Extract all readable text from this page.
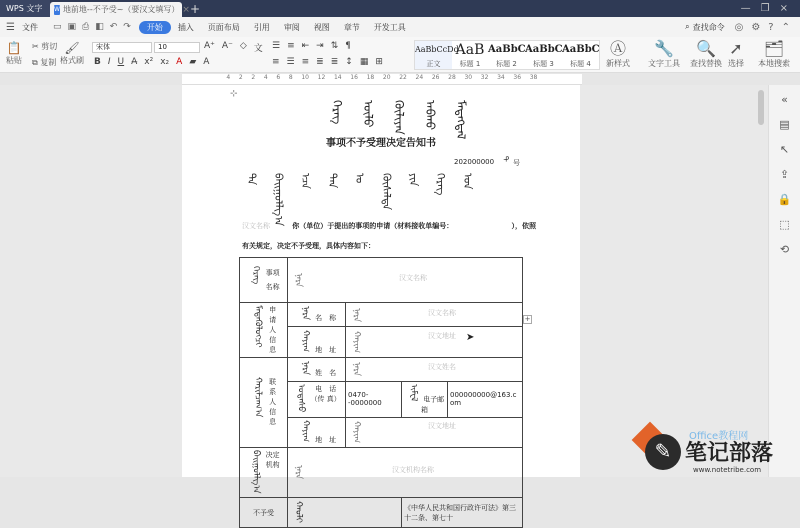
WPS 文字	W 地前地--不予受~（要汉文填写） × +	— ❐ ×
☰ 文件	▭ ▣ ⎙ ◧ ↶ ↷	开始	插入	页面布局	引用	审阅	视图	章节	开发工具	⌕ 查找命令 ◎ ⚙ ? ⌃
📋
粘贴
✂ 剪切
⧉ 复制
🖌
格式刷
宋体	10	A⁺ A⁻ ◇ 文
B I U A̶ x² x₂ A ▰ A
☰ ≡ ⇤ ⇥ ⇅ ¶
≡ ☰ ≡ ≣ ≣ ↕ ▦ ⊞
AaBbCcDd
正文
AaB
标题 1
AaBbC
标题 2
AaBbC
标题 3
AaBbC
标题 4
Ⓐ
新样式
🔧
文字工具
🔍
查找替换
➚
选择
🗂
本地搜索
4 2 2 4 6 8 10 12 14 16 18 20 22 24 26 28 30 32 34 36 38
⊹
ᠬᠡᠷᠡᠭ	ᠦᠯᠦ	ᠬᠦᠯᠢᠶᠡᠨ	ᠠᠪᠬᠤ	ᠮᠡᠳᠡᠭᠳᠡᠯ
事项不予受理决定告知书
202000000 ᠳ᠋
号
ᠲᠠ ᠪᠠᠢᠭᠤᠯᠯᠭ᠎ᠠ ᠡᠴᠡ ᠲᠠᠨ ᠤ ᠬᠦᠰᠡᠯᠲᠡ ᠶᠢᠨ ᠬᠡᠷᠡᠭ ᠤᠨ
汉文名称	你（单位）于提出的事项的申请（材料接收单编号：	），依照
有关规定，决定不予受理，具体内容如下：
ᠬᠡᠷᠡᠭ 事项
名称	ᠨᠡᠷᠡ 汉文名称			
ᠮᠡᠳᠡᠭᠦᠯᠦᠭᠴᠢ 申请人信息	ᠨᠡᠷᠡ 名　称	ᠨᠡᠷᠡ 汉文名称		
	ᠬᠠᠶᠢᠭ 地　址	ᠬᠠᠶᠢᠭ 汉文地址		
ᠬᠠᠷᠢᠯᠴᠠᠭ᠎ᠠ 联系人信息	ᠨᠡᠷᠡ 姓　名	ᠨᠡᠷᠡ 汉文姓名		
	ᠤᠲᠠᠰᠤ 电　话
（传 真）	0470--0000000	ᠢᠮᠧᠯ 电子邮箱	000000000@163.com
	ᠬᠠᠶᠢᠭ 地　址	ᠬᠠᠶᠢᠭ 汉文地址		
ᠪᠠᠢᠭᠤᠯᠯᠭ᠎ᠠ 决定
机构	ᠨᠡᠷᠡ 汉文机构名称			
不予受	ᠬᠠᠤᠯᠢ		《中华人民共和国行政许可法》第三十二条、第七十	
+
➤
«
▤
↖
⇪
🔒
⬚
⟲
Office教程网
✎ 笔记部落
www.notetribe.com
